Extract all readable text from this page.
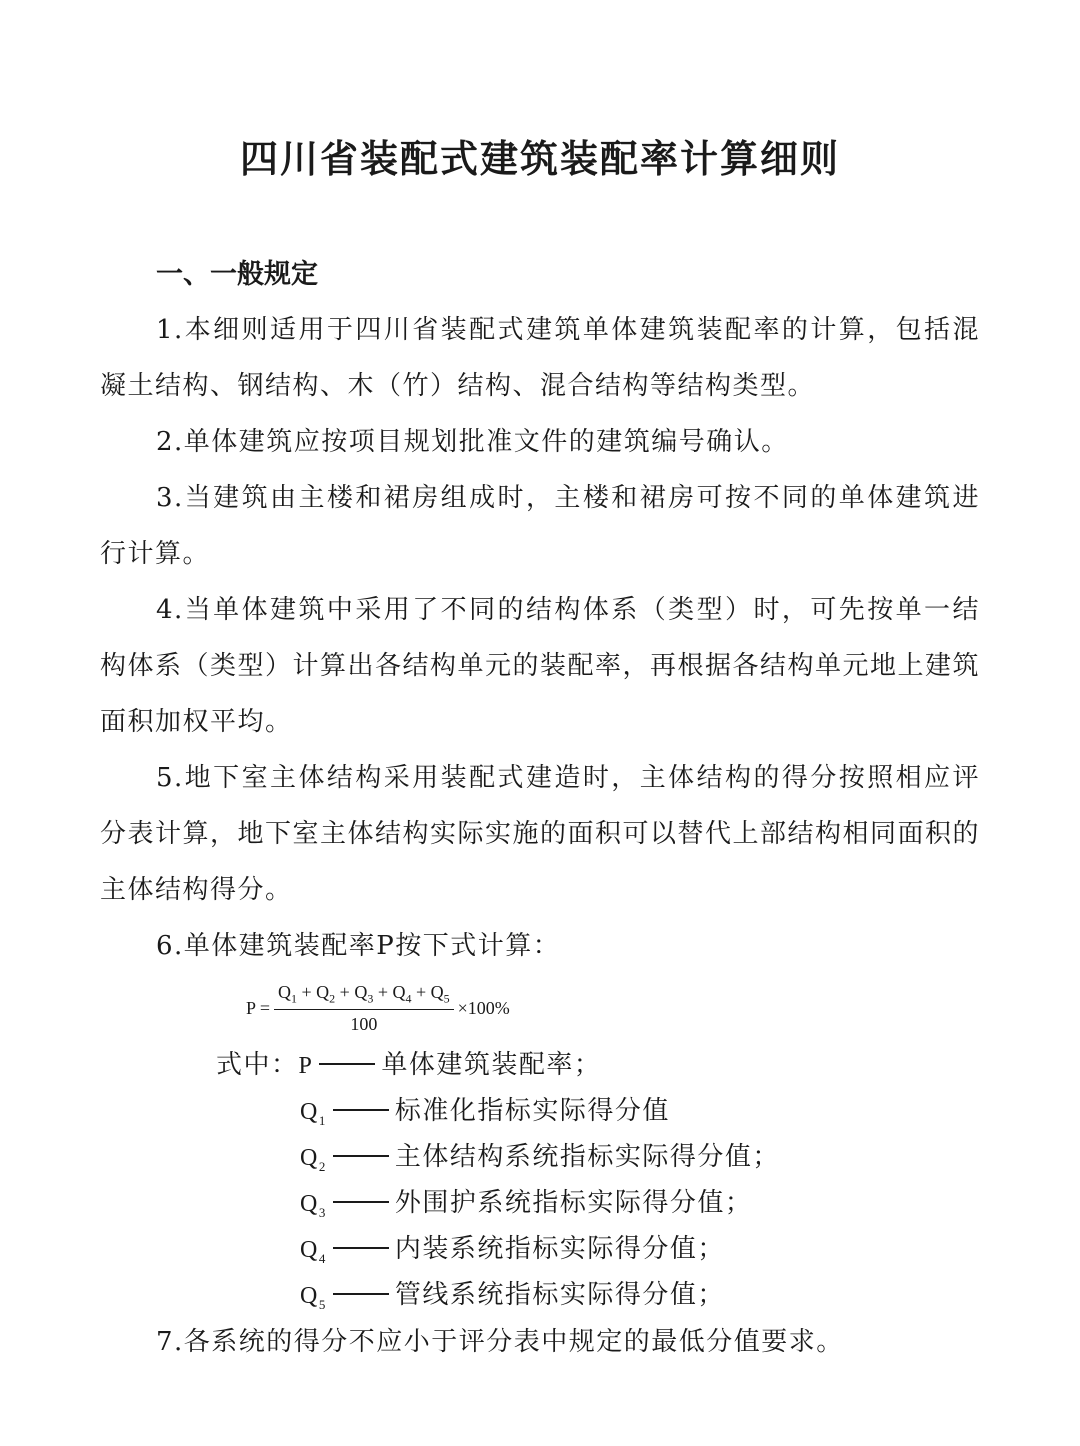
四川省装配式建筑装配率计算细则
一、一般规定
1.本细则适用于四川省装配式建筑单体建筑装配率的计算，包括混凝土结构、钢结构、木（竹）结构、混合结构等结构类型。
2.单体建筑应按项目规划批准文件的建筑编号确认。
3.当建筑由主楼和裙房组成时，主楼和裙房可按不同的单体建筑进行计算。
4.当单体建筑中采用了不同的结构体系（类型）时，可先按单一结构体系（类型）计算出各结构单元的装配率，再根据各结构单元地上建筑面积加权平均。
5.地下室主体结构采用装配式建造时，主体结构的得分按照相应评分表计算，地下室主体结构实际实施的面积可以替代上部结构相同面积的主体结构得分。
6.单体建筑装配率P按下式计算：
$P = \frac{Q_1 + Q_2 + Q_3 + Q_4 + Q_5}{100} \times 100\%$
式中： P	单体建筑装配率；
$Q_1$	标准化指标实际得分值
$Q_2$	主体结构系统指标实际得分值；
$Q_3$	外围护系统指标实际得分值；
$Q_4$	内装系统指标实际得分值；
$Q_5$	管线系统指标实际得分值；
7.各系统的得分不应小于评分表中规定的最低分值要求。
